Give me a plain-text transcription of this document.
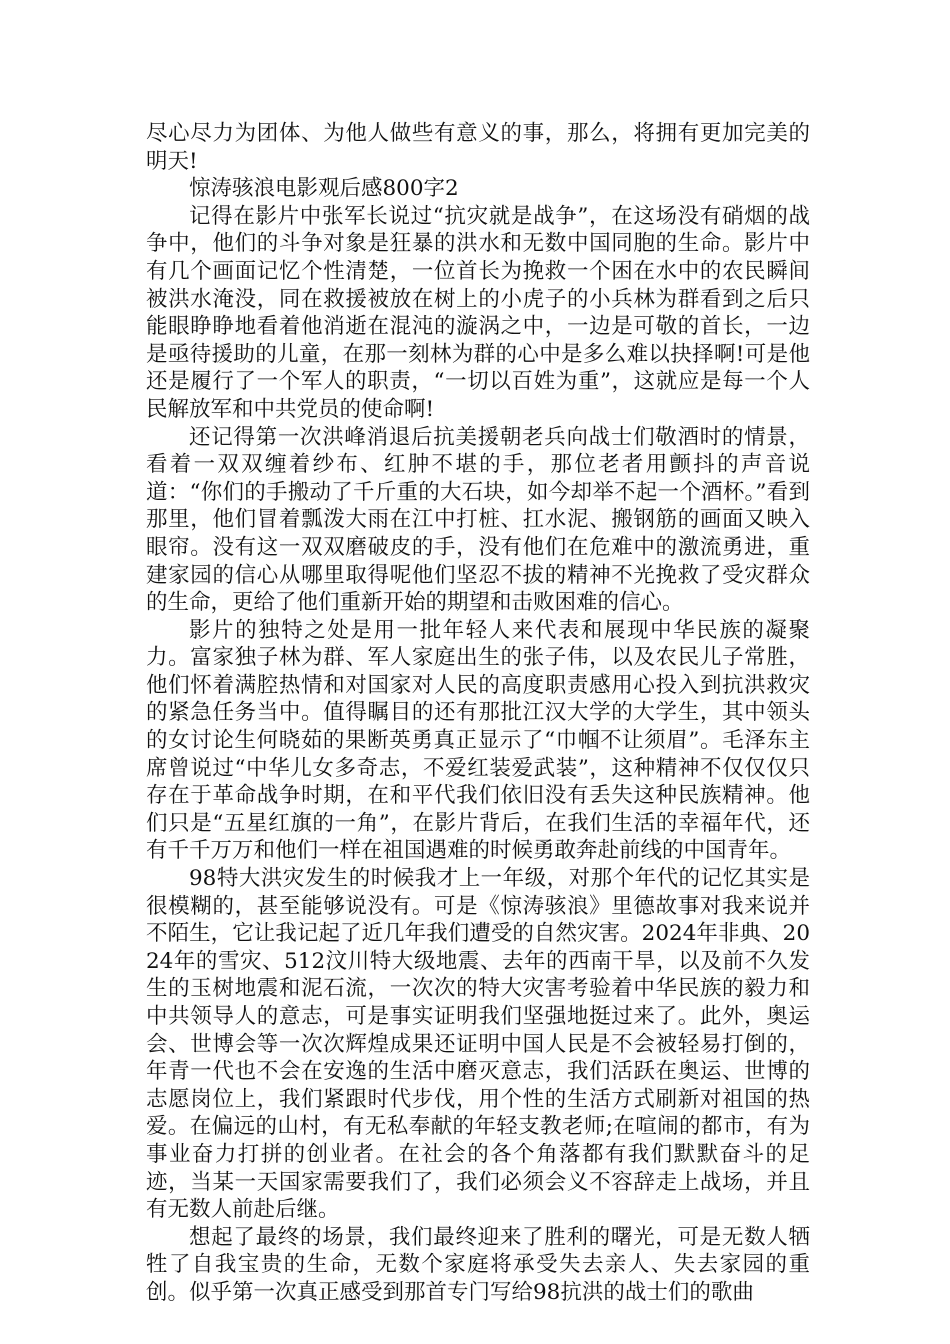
尽心尽力为团体、为他人做些有意义的事，那么，将拥有更加完美的明天!

惊涛骇浪电影观后感800字2

记得在影片中张军长说过“抗灾就是战争”，在这场没有硝烟的战争中，他们的斗争对象是狂暴的洪水和无数中国同胞的生命。影片中有几个画面记忆个性清楚，一位首长为挽救一个困在水中的农民瞬间被洪水淹没，同在救援被放在树上的小虎子的小兵林为群看到之后只能眼睁睁地看着他消逝在混沌的漩涡之中，一边是可敬的首长，一边是亟待援助的儿童，在那一刻林为群的心中是多么难以抉择啊!可是他还是履行了一个军人的职责，“一切以百姓为重”，这就应是每一个人民解放军和中共党员的使命啊!

还记得第一次洪峰消退后抗美援朝老兵向战士们敬酒时的情景，看着一双双缠着纱布、红肿不堪的手，那位老者用颤抖的声音说道：“你们的手搬动了千斤重的大石块，如今却举不起一个酒杯。”看到那里，他们冒着瓢泼大雨在江中打桩、扛水泥、搬钢筋的画面又映入眼帘。没有这一双双磨破皮的手，没有他们在危难中的激流勇进，重建家园的信心从哪里取得呢他们坚忍不拔的精神不光挽救了受灾群众的生命，更给了他们重新开始的期望和击败困难的信心。

影片的独特之处是用一批年轻人来代表和展现中华民族的凝聚力。富家独子林为群、军人家庭出生的张子伟，以及农民儿子常胜，他们怀着满腔热情和对国家对人民的高度职责感用心投入到抗洪救灾的紧急任务当中。值得瞩目的还有那批江汉大学的大学生，其中领头的女讨论生何晓茹的果断英勇真正显示了“巾帼不让须眉”。毛泽东主席曾说过“中华儿女多奇志，不爱红装爱武装”，这种精神不仅仅仅只存在于革命战争时期，在和平代我们依旧没有丢失这种民族精神。他们只是“五星红旗的一角”，在影片背后，在我们生活的幸福年代，还有千千万万和他们一样在祖国遇难的时候勇敢奔赴前线的中国青年。

98特大洪灾发生的时候我才上一年级，对那个年代的记忆其实是很模糊的，甚至能够说没有。可是《惊涛骇浪》里德故事对我来说并不陌生，它让我记起了近几年我们遭受的自然灾害。2024年非典、2024年的雪灾、512汶川特大级地震、去年的西南干旱，以及前不久发生的玉树地震和泥石流，一次次的特大灾害考验着中华民族的毅力和中共领导人的意志，可是事实证明我们坚强地挺过来了。此外，奥运会、世博会等一次次辉煌成果还证明中国人民是不会被轻易打倒的，年青一代也不会在安逸的生活中磨灭意志，我们活跃在奥运、世博的志愿岗位上，我们紧跟时代步伐，用个性的生活方式刷新对祖国的热爱。在偏远的山村，有无私奉献的年轻支教老师;在喧闹的都市，有为事业奋力打拼的创业者。在社会的各个角落都有我们默默奋斗的足迹，当某一天国家需要我们了，我们必须会义不容辞走上战场，并且有无数人前赴后继。

想起了最终的场景，我们最终迎来了胜利的曙光，可是无数人牺牲了自我宝贵的生命，无数个家庭将承受失去亲人、失去家园的重创。似乎第一次真正感受到那首专门写给98抗洪的战士们的歌曲
